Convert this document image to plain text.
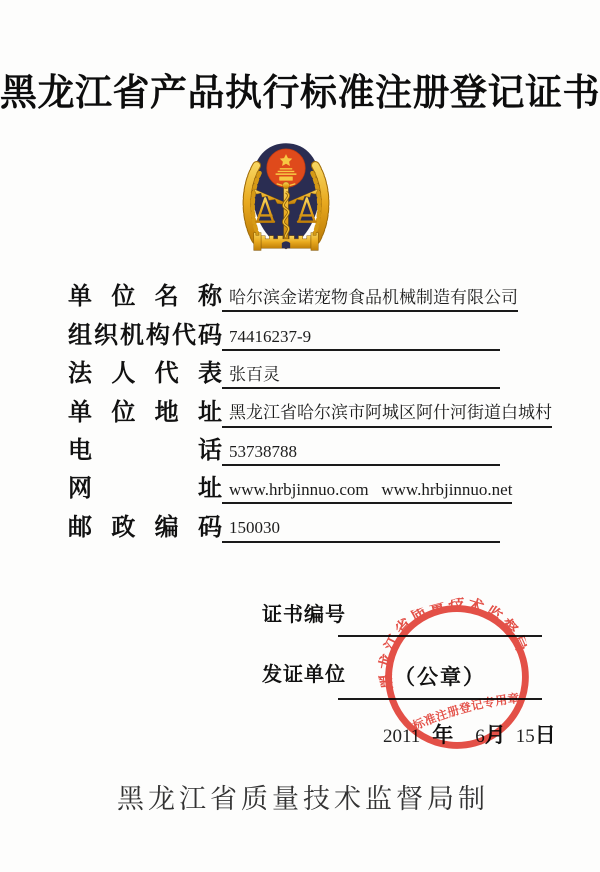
黑龙江省产品执行标准注册登记证书
单位名称 哈尔滨金诺宠物食品机械制造有限公司
组织机构代码 74416237-9
法人代表 张百灵
单位地址 黑龙江省哈尔滨市阿城区阿什河街道白城村
电话 53738788
网址 www.hrbjinnuo.com   www.hrbjinnuo.net
邮政编码 150030
证书编号
发证单位 （公章）
2011 年 6月 15日
黑龙江省质量技术监督局
标准注册登记专用章
黑龙江省质量技术监督局制
